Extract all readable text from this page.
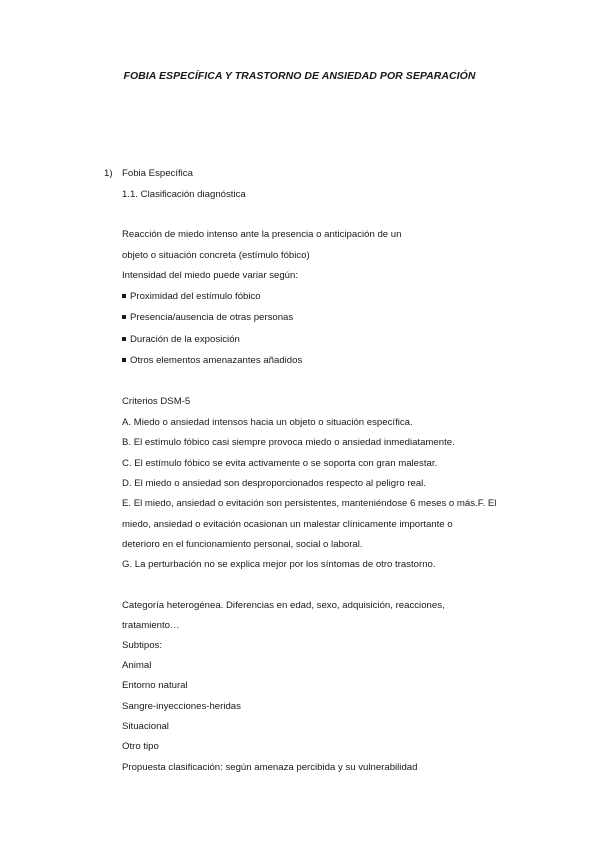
FOBIA ESPECÍFICA Y TRASTORNO DE ANSIEDAD POR SEPARACIÓN
1) Fobia Específica
1.1. Clasificación diagnóstica
Reacción de miedo intenso ante la presencia o anticipación de un
objeto o situación concreta (estímulo fóbico)
Intensidad del miedo puede variar según:
Proximidad del estímulo fóbico
Presencia/ausencia de otras personas
Duración de la exposición
Otros elementos amenazantes añadidos
Criterios DSM-5
A. Miedo o ansiedad intensos hacia un objeto o situación específica.
B. El estímulo fóbico casi siempre provoca miedo o ansiedad inmediatamente.
C. El estímulo fóbico se evita activamente o se soporta con gran malestar.
D. El miedo o ansiedad son desproporcionados respecto al peligro real.
E. El miedo, ansiedad o evitación son persistentes, manteniéndose 6 meses o más.F. El
miedo, ansiedad o evitación ocasionan un malestar clínicamente importante o
deterioro en el funcionamiento personal, social o laboral.
G. La perturbación no se explica mejor por los síntomas de otro trastorno.
Categoría heterogénea. Diferencias en edad, sexo, adquisición, reacciones,
tratamiento…
Subtipos:
Animal
Entorno natural
Sangre-inyecciones-heridas
Situacional
Otro tipo
Propuesta clasificación: según amenaza percibida y su vulnerabilidad
